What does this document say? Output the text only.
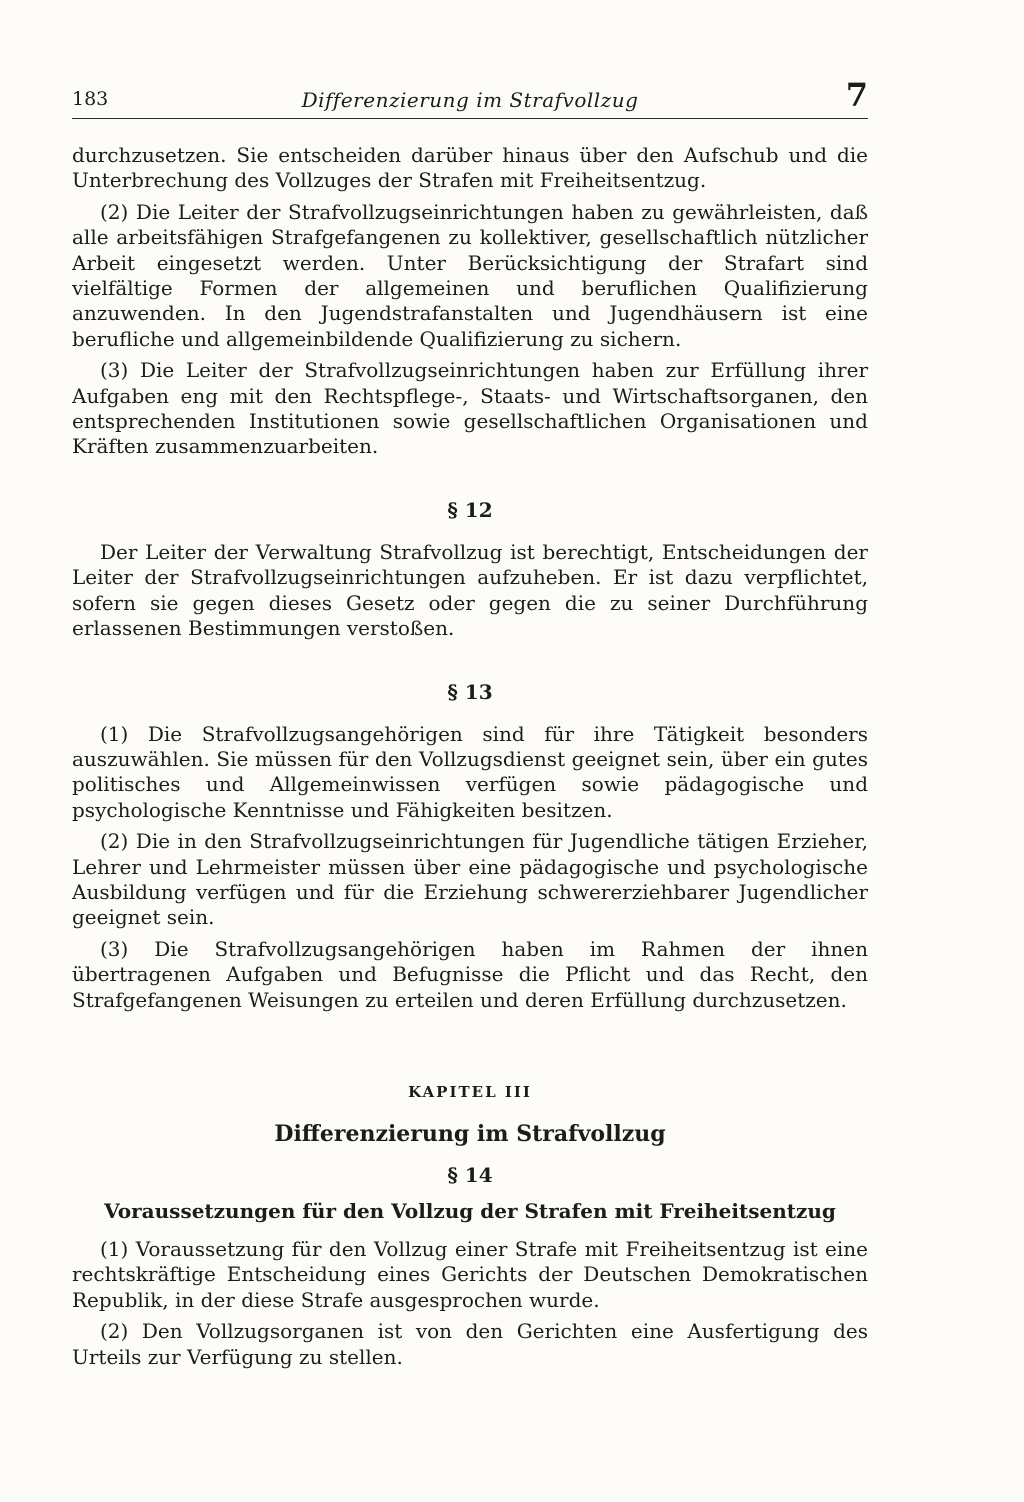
183	Differenzierung im Strafvollzug	7

durchzusetzen. Sie entscheiden darüber hinaus über den Aufschub und die Unterbrechung des Vollzuges der Strafen mit Freiheitsentzug.

(2) Die Leiter der Strafvollzugseinrichtungen haben zu gewährleisten, daß alle arbeitsfähigen Strafgefangenen zu kollektiver, gesellschaftlich nützlicher Arbeit eingesetzt werden. Unter Berücksichtigung der Strafart sind vielfältige Formen der allgemeinen und beruflichen Qualifizierung anzuwenden. In den Jugendstrafanstalten und Jugendhäusern ist eine berufliche und allgemeinbildende Qualifizierung zu sichern.

(3) Die Leiter der Strafvollzugseinrichtungen haben zur Erfüllung ihrer Aufgaben eng mit den Rechtspflege-, Staats- und Wirtschaftsorganen, den entsprechenden Institutionen sowie gesellschaftlichen Organisationen und Kräften zusammenzuarbeiten.

§ 12

Der Leiter der Verwaltung Strafvollzug ist berechtigt, Entscheidungen der Leiter der Strafvollzugseinrichtungen aufzuheben. Er ist dazu verpflichtet, sofern sie gegen dieses Gesetz oder gegen die zu seiner Durchführung erlassenen Bestimmungen verstoßen.

§ 13

(1) Die Strafvollzugsangehörigen sind für ihre Tätigkeit besonders auszuwählen. Sie müssen für den Vollzugsdienst geeignet sein, über ein gutes politisches und Allgemeinwissen verfügen sowie pädagogische und psychologische Kenntnisse und Fähigkeiten besitzen.

(2) Die in den Strafvollzugseinrichtungen für Jugendliche tätigen Erzieher, Lehrer und Lehrmeister müssen über eine pädagogische und psychologische Ausbildung verfügen und für die Erziehung schwererziehbarer Jugendlicher geeignet sein.

(3) Die Strafvollzugsangehörigen haben im Rahmen der ihnen übertragenen Aufgaben und Befugnisse die Pflicht und das Recht, den Strafgefangenen Weisungen zu erteilen und deren Erfüllung durchzusetzen.

KAPITEL III
Differenzierung im Strafvollzug
§ 14
Voraussetzungen für den Vollzug der Strafen mit Freiheitsentzug

(1) Voraussetzung für den Vollzug einer Strafe mit Freiheitsentzug ist eine rechtskräftige Entscheidung eines Gerichts der Deutschen Demokratischen Republik, in der diese Strafe ausgesprochen wurde.

(2) Den Vollzugsorganen ist von den Gerichten eine Ausfertigung des Urteils zur Verfügung zu stellen.
